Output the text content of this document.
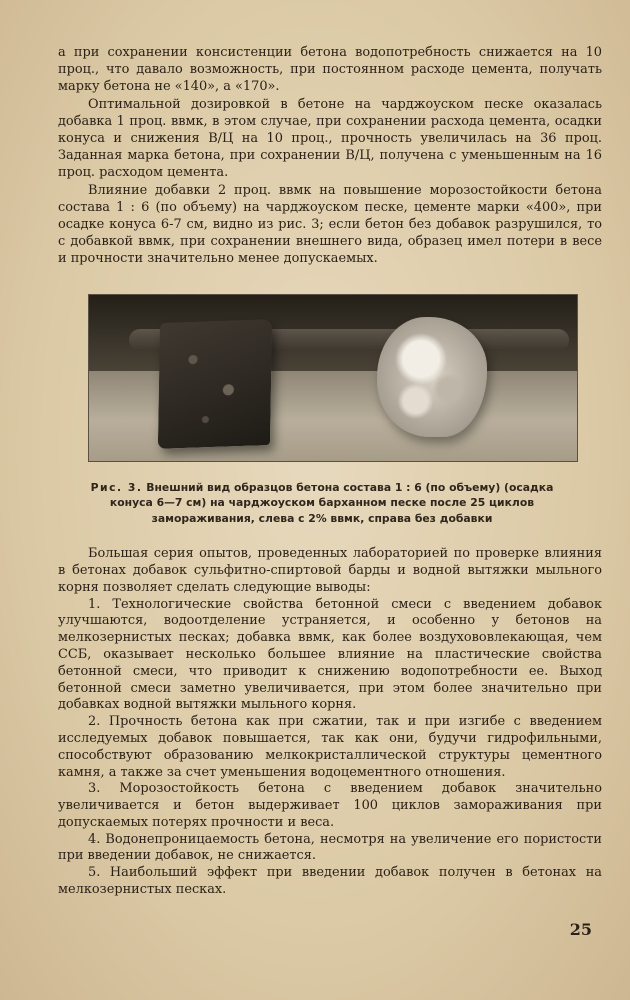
а при сохранении консистенции бетона водопотребность снижается на 10 проц., что давало возможность, при постоянном расходе цемента, получать марку бетона не «140», а «170».

Оптимальной дозировкой в бетоне на чарджоуском песке оказалась добавка 1 проц. ввмк, в этом случае, при сохранении расхода цемента, осадки конуса и снижения В/Ц на 10 проц., прочность увеличилась на 36 проц. Заданная марка бетона, при сохранении В/Ц, получена с уменьшенным на 16 проц. расходом цемента.

Влияние добавки 2 проц. ввмк на повышение морозостойкости бетона состава 1 : 6 (по объему) на чарджоуском песке, цементе марки «400», при осадке конуса 6-7 см, видно из рис. 3; если бетон без добавок разрушился, то с добавкой ввмк, при сохранении внешнего вида, образец имел потери в весе и прочности значительно менее допускаемых.

Рис. 3. Внешний вид образцов бетона состава 1 : 6 (по объему) (осадка конуса 6—7 см) на чарджоуском барханном песке после 25 циклов замораживания, слева с 2% ввмк, справа без добавки

Большая серия опытов, проведенных лабораторией по проверке влияния в бетонах добавок сульфитно-спиртовой барды и водной вытяжки мыльного корня позволяет сделать следующие выводы:

1. Технологические свойства бетонной смеси с введением добавок улучшаются, водоотделение устраняется, и особенно у бетонов на мелкозернистых песках; добавка ввмк, как более воздухововлекающая, чем ССБ, оказывает несколько большее влияние на пластические свойства бетонной смеси, что приводит к снижению водопотребности ее. Выход бетонной смеси заметно увеличивается, при этом более значительно при добавках водной вытяжки мыльного корня.

2. Прочность бетона как при сжатии, так и при изгибе с введением исследуемых добавок повышается, так как они, будучи гидрофильными, способствуют образованию мелкокристаллической структуры цементного камня, а также за счет уменьшения водоцементного отношения.

3. Морозостойкость бетона с введением добавок значительно увеличивается и бетон выдерживает 100 циклов замораживания при допускаемых потерях прочности и веса.

4. Водонепроницаемость бетона, несмотря на увеличение его пористости при введении добавок, не снижается.

5. Наибольший эффект при введении добавок получен в бетонах на мелкозернистых песках.

25
